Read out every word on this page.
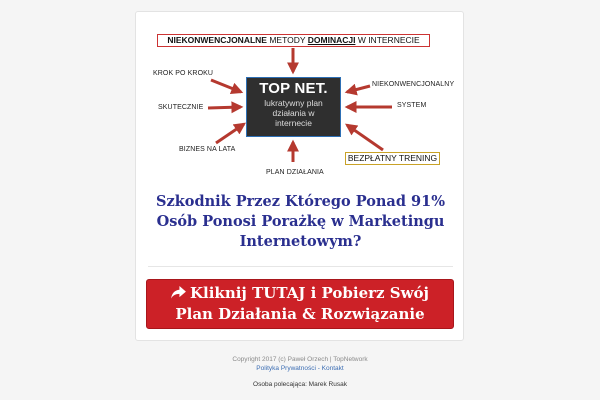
NIEKONWENCJONALNE METODY DOMINACJI W INTERNECIE
TOP NET.
lukratywny plan działania w internecie
KROK PO KROKU
SKUTECZNIE
BIZNES NA LATA
PLAN DZIAŁANIA
NIEKONWENCJONALNY
SYSTEM
BEZPŁATNY TRENING
Szkodnik Przez Którego Ponad 91% Osób Ponosi Porażkę w Marketingu Internetowym?
Kliknij TUTAJ i Pobierz Swój
Plan Działania & Rozwiązanie
Copyright 2017 (c) Paweł Orzech | TopNetwork
Polityka Prywatności - Kontakt
Osoba polecająca: Marek Rusak
